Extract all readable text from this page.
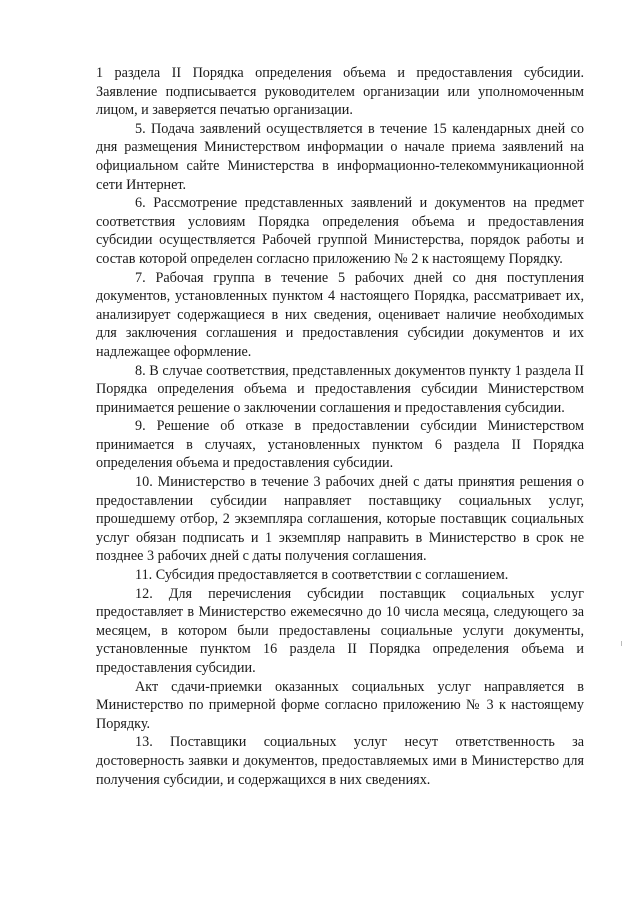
1 раздела II Порядка определения объема и предоставления субсидии. Заявление подписывается руководителем организации или уполномоченным лицом, и заверяется печатью организации.

5. Подача заявлений осуществляется в течение 15 календарных дней со дня размещения Министерством информации о начале приема заявлений на официальном сайте Министерства в информационно-телекоммуникационной сети Интернет.

6. Рассмотрение представленных заявлений и документов на предмет соответствия условиям Порядка определения объема и предоставления субсидии осуществляется Рабочей группой Министерства, порядок работы и состав которой определен согласно приложению № 2 к настоящему Порядку.

7. Рабочая группа в течение 5 рабочих дней со дня поступления документов, установленных пунктом 4 настоящего Порядка, рассматривает их, анализирует содержащиеся в них сведения, оценивает наличие необходимых для заключения соглашения и предоставления субсидии документов и их надлежащее оформление.

8. В случае соответствия, представленных документов пункту 1 раздела II Порядка определения объема и предоставления субсидии Министерством принимается решение о заключении соглашения и предоставления субсидии.

9. Решение об отказе в предоставлении субсидии Министерством принимается в случаях, установленных пунктом 6 раздела II Порядка определения объема и предоставления субсидии.

10. Министерство в течение 3 рабочих дней с даты принятия решения о предоставлении субсидии направляет поставщику социальных услуг, прошедшему отбор, 2 экземпляра соглашения, которые поставщик социальных услуг обязан подписать и 1 экземпляр направить в Министерство в срок не позднее 3 рабочих дней с даты получения соглашения.

11. Субсидия предоставляется в соответствии с соглашением.

12. Для перечисления субсидии поставщик социальных услуг предоставляет в Министерство ежемесячно до 10 числа месяца, следующего за месяцем, в котором были предоставлены социальные услуги документы, установленные пунктом 16 раздела II Порядка определения объема и предоставления субсидии.

Акт сдачи-приемки оказанных социальных услуг направляется в Министерство по примерной форме согласно приложению № 3 к настоящему Порядку.

13. Поставщики социальных услуг несут ответственность за достоверность заявки и документов, предоставляемых ими в Министерство для получения субсидии, и содержащихся в них сведениях.
